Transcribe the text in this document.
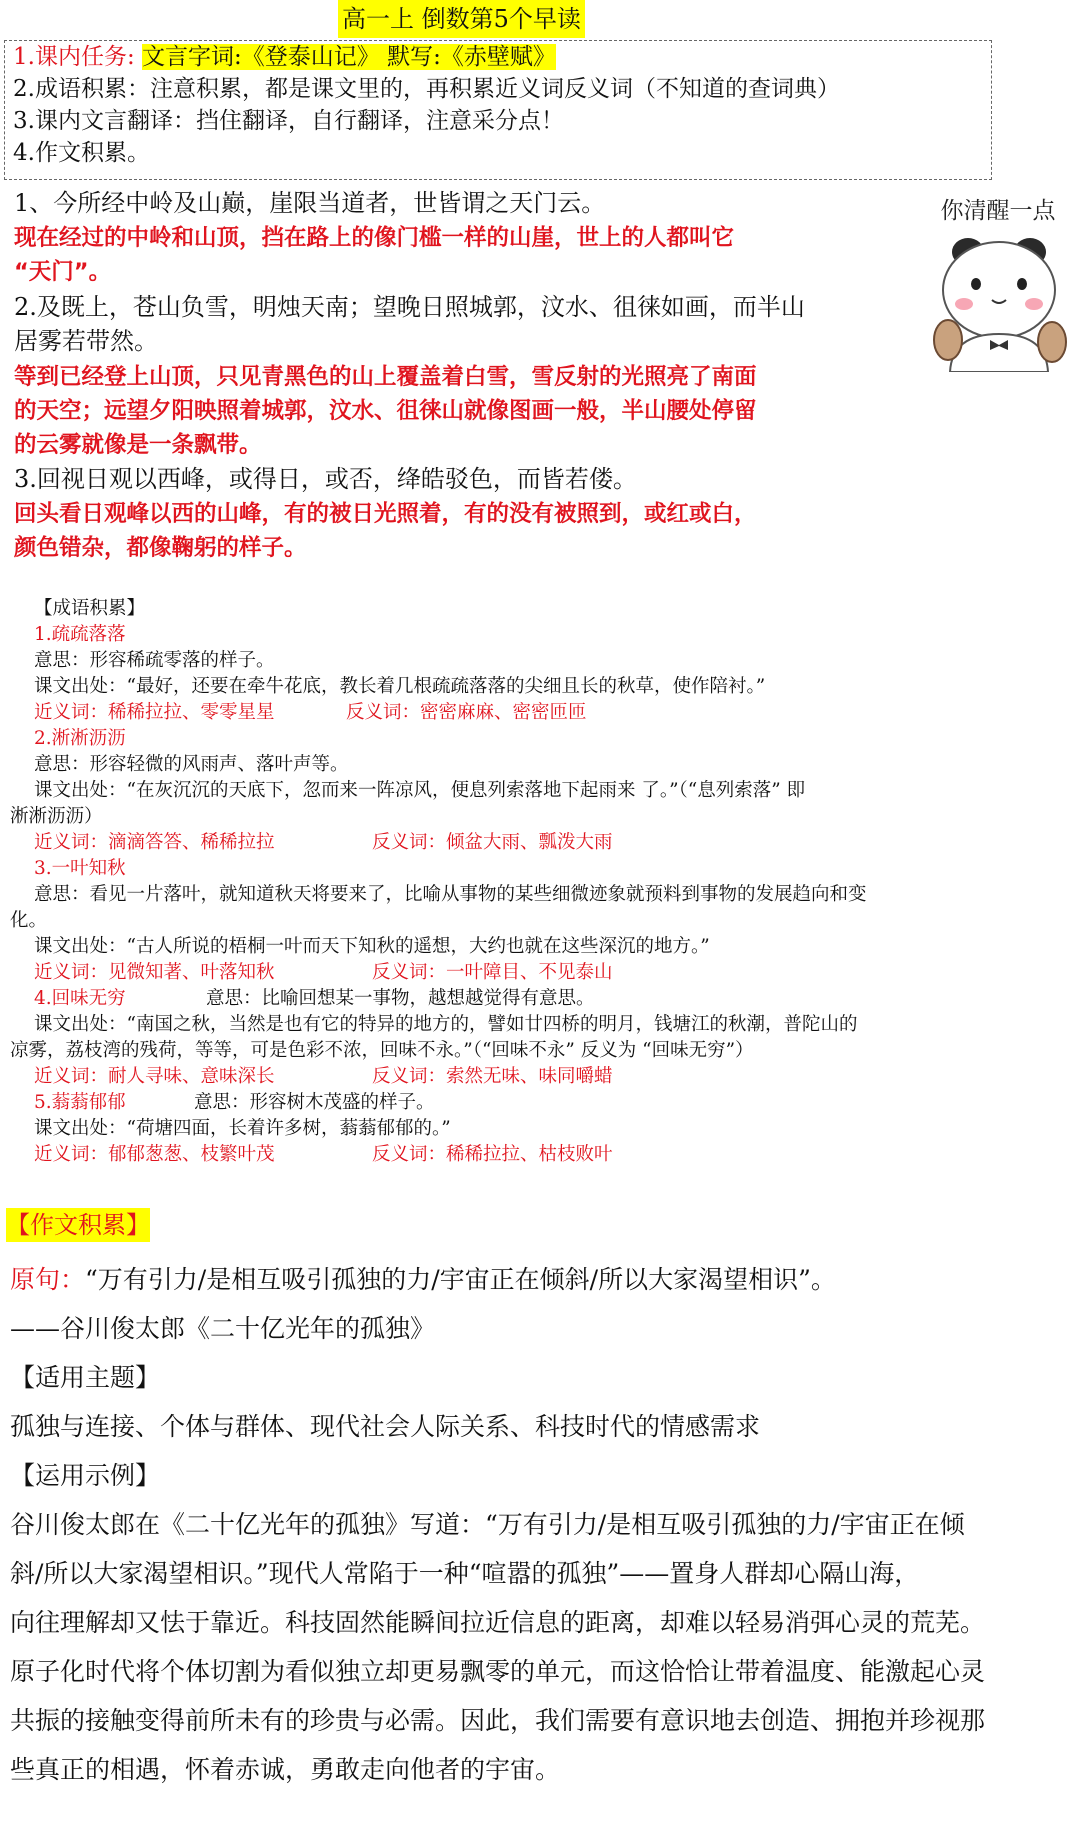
高一上 倒数第5个早读
1.课内任务: 文言字词:《登泰山记》 默写:《赤壁赋》
2.成语积累：注意积累，都是课文里的，再积累近义词反义词（不知道的查词典）
3.课内文言翻译：挡住翻译，自行翻译，注意采分点！
4.作文积累。
1、今所经中岭及山巅，崖限当道者，世皆谓之天门云。
现在经过的中岭和山顶，挡在路上的像门槛一样的山崖，世上的人都叫它
“天门”。
2.及既上，苍山负雪，明烛天南；望晚日照城郭，汶水、徂徕如画，而半山
居雾若带然。
等到已经登上山顶，只见青黑色的山上覆盖着白雪，雪反射的光照亮了南面
的天空；远望夕阳映照着城郭，汶水、徂徕山就像图画一般，半山腰处停留
的云雾就像是一条飘带。
3.回视日观以西峰，或得日，或否，绛皓驳色，而皆若偻。
回头看日观峰以西的山峰，有的被日光照着，有的没有被照到，或红或白，
颜色错杂，都像鞠躬的样子。
你清醒一点
【成语积累】
1.疏疏落落
意思：形容稀疏零落的样子。
课文出处：“最好，还要在牵牛花底，教长着几根疏疏落落的尖细且长的秋草，使作陪衬。”
近义词：稀稀拉拉、零零星星	反义词：密密麻麻、密密匝匝
2.淅淅沥沥
意思：形容轻微的风雨声、落叶声等。
课文出处：“在灰沉沉的天底下，忽而来一阵凉风，便息列索落地下起雨来 了。”（“息列索落” 即
淅淅沥沥）
近义词：滴滴答答、稀稀拉拉	反义词：倾盆大雨、瓢泼大雨
3.一叶知秋
意思：看见一片落叶，就知道秋天将要来了，比喻从事物的某些细微迹象就预料到事物的发展趋向和变
化。
课文出处：“古人所说的梧桐一叶而天下知秋的遥想，大约也就在这些深沉的地方。”
近义词：见微知著、叶落知秋	反义词：一叶障目、不见泰山
4.回味无穷	意思：比喻回想某一事物，越想越觉得有意思。
课文出处：“南国之秋，当然是也有它的特异的地方的，譬如廿四桥的明月，钱塘江的秋潮，普陀山的
凉雾，荔枝湾的残荷，等等，可是色彩不浓，回味不永。”（“回味不永” 反义为 “回味无穷”）
近义词：耐人寻味、意味深长	反义词：索然无味、味同嚼蜡
5.蓊蓊郁郁	意思：形容树木茂盛的样子。
课文出处：“荷塘四面，长着许多树，蓊蓊郁郁的。”
近义词：郁郁葱葱、枝繁叶茂	反义词：稀稀拉拉、枯枝败叶
【作文积累】
原句：“万有引力/是相互吸引孤独的力/宇宙正在倾斜/所以大家渴望相识”。
——谷川俊太郎《二十亿光年的孤独》
【适用主题】
孤独与连接、个体与群体、现代社会人际关系、科技时代的情感需求
【运用示例】
谷川俊太郎在《二十亿光年的孤独》写道：“万有引力/是相互吸引孤独的力/宇宙正在倾
斜/所以大家渴望相识。”现代人常陷于一种“喧嚣的孤独”——置身人群却心隔山海，
向往理解却又怯于靠近。科技固然能瞬间拉近信息的距离，却难以轻易消弭心灵的荒芜。
原子化时代将个体切割为看似独立却更易飘零的单元，而这恰恰让带着温度、能激起心灵
共振的接触变得前所未有的珍贵与必需。因此，我们需要有意识地去创造、拥抱并珍视那
些真正的相遇，怀着赤诚，勇敢走向他者的宇宙。
